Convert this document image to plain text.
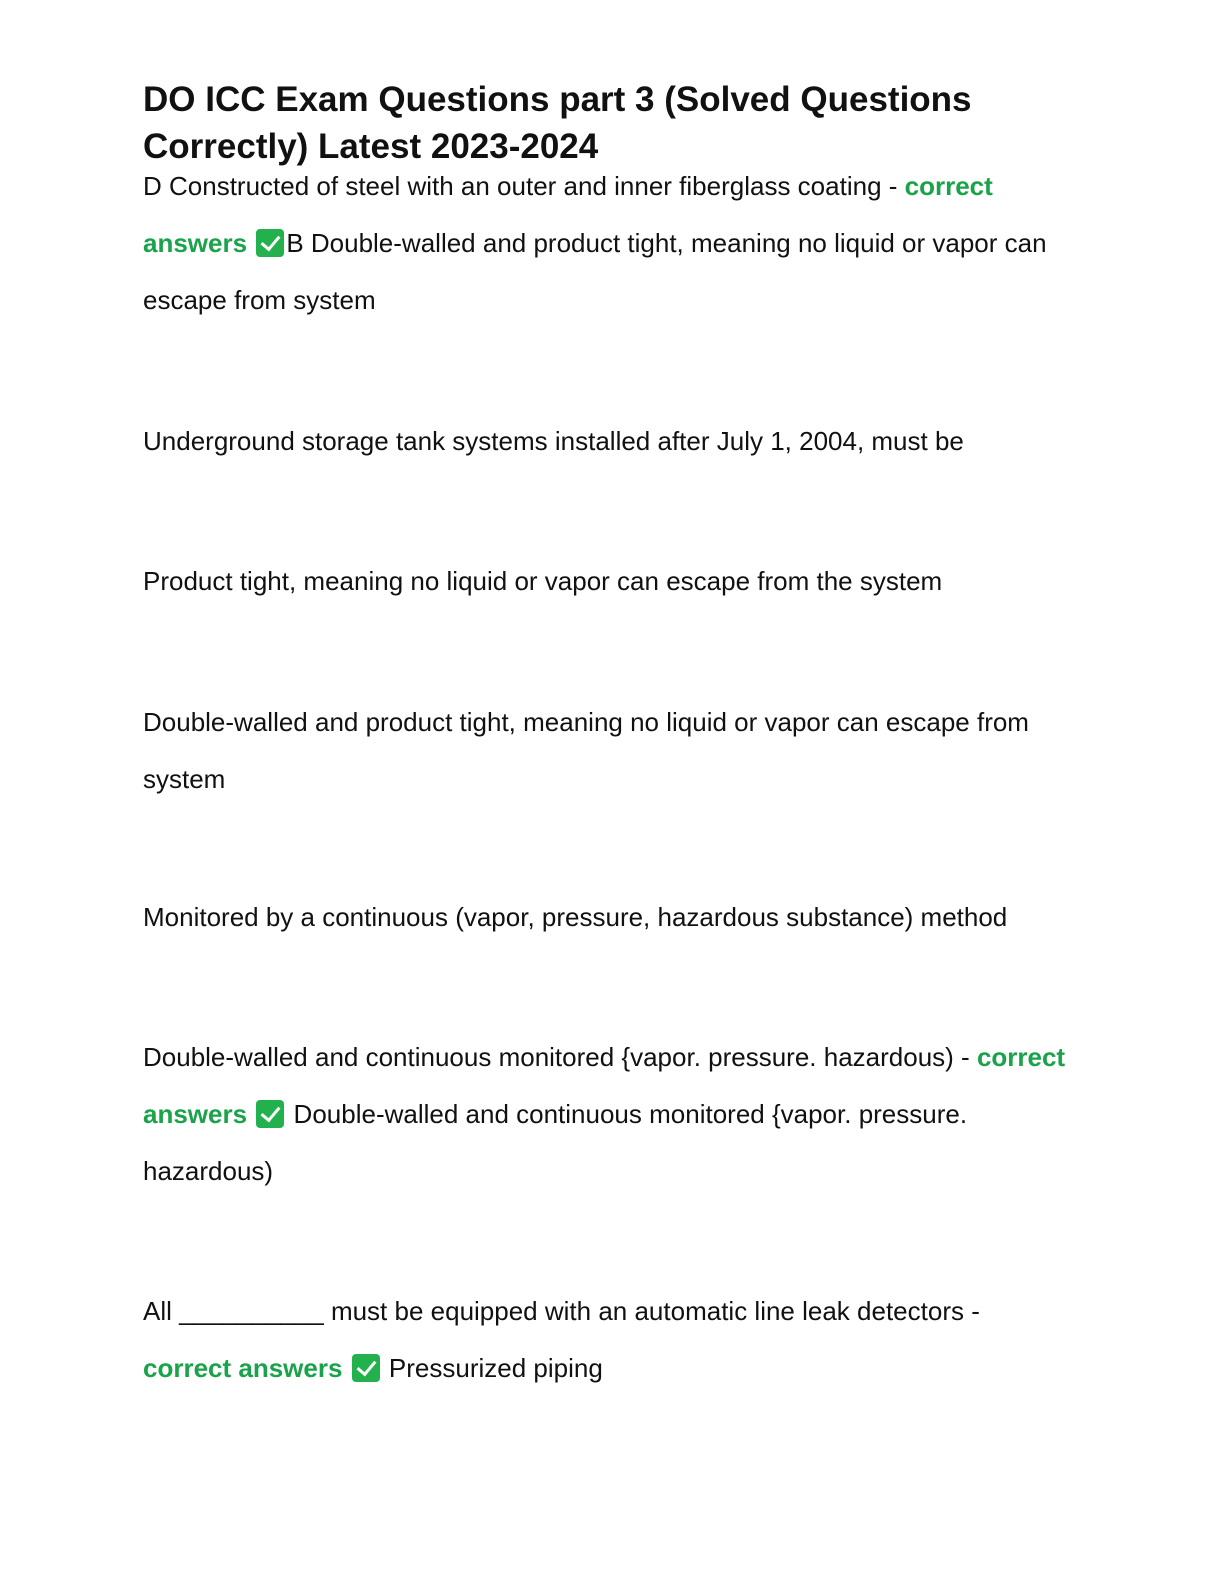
DO ICC Exam Questions part 3 (Solved Questions Correctly) Latest 2023-2024

D Constructed of steel with an outer and inner fiberglass coating - correct answers B Double-walled and product tight, meaning no liquid or vapor can escape from system

Underground storage tank systems installed after July 1, 2004, must be

Product tight, meaning no liquid or vapor can escape from the system

Double-walled and product tight, meaning no liquid or vapor can escape from system

Monitored by a continuous (vapor, pressure, hazardous substance) method

Double-walled and continuous monitored {vapor. pressure. hazardous) - correct answers Double-walled and continuous monitored {vapor. pressure. hazardous)

All __________ must be equipped with an automatic line leak detectors - correct answers Pressurized piping
